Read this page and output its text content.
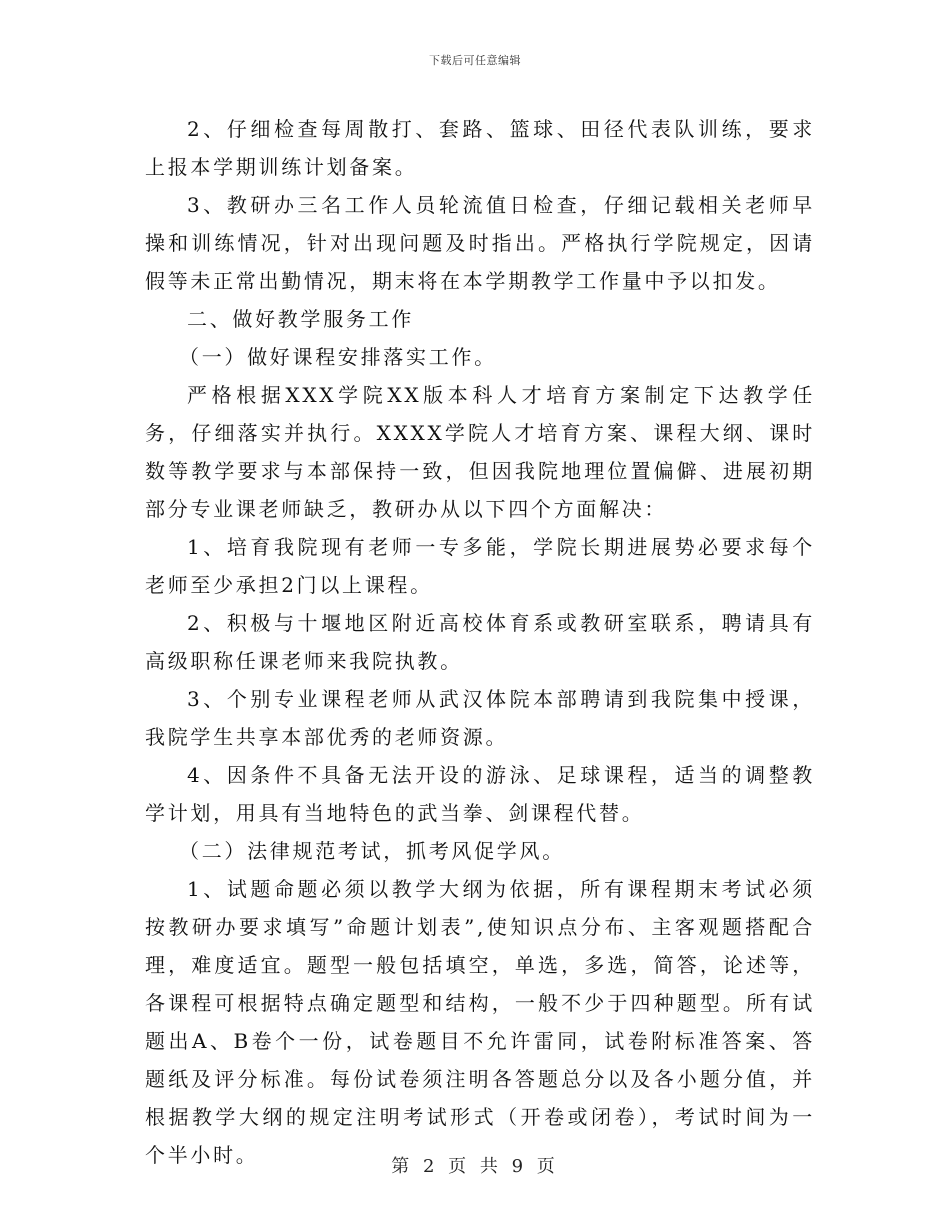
下载后可任意编辑

2、仔细检查每周散打、套路、篮球、田径代表队训练，要求上报本学期训练计划备案。

3、教研办三名工作人员轮流值日检查，仔细记载相关老师早操和训练情况，针对出现问题及时指出。严格执行学院规定，因请假等未正常出勤情况，期末将在本学期教学工作量中予以扣发。

二、做好教学服务工作

（一）做好课程安排落实工作。

严格根据XXX学院XX版本科人才培育方案制定下达教学任务，仔细落实并执行。XXXX学院人才培育方案、课程大纲、课时数等教学要求与本部保持一致，但因我院地理位置偏僻、进展初期部分专业课老师缺乏，教研办从以下四个方面解决：

1、培育我院现有老师一专多能，学院长期进展势必要求每个老师至少承担2门以上课程。

2、积极与十堰地区附近高校体育系或教研室联系，聘请具有高级职称任课老师来我院执教。

3、个别专业课程老师从武汉体院本部聘请到我院集中授课，我院学生共享本部优秀的老师资源。

4、因条件不具备无法开设的游泳、足球课程，适当的调整教学计划，用具有当地特色的武当拳、剑课程代替。

（二）法律规范考试，抓考风促学风。

1、试题命题必须以教学大纲为依据，所有课程期末考试必须按教研办要求填写”命题计划表”,使知识点分布、主客观题搭配合理，难度适宜。题型一般包括填空，单选，多选，简答，论述等，各课程可根据特点确定题型和结构，一般不少于四种题型。所有试题出A、B卷个一份，试卷题目不允许雷同，试卷附标准答案、答题纸及评分标准。每份试卷须注明各答题总分以及各小题分值，并根据教学大纲的规定注明考试形式（开卷或闭卷），考试时间为一个半小时。	第 2 页 共 9 页
